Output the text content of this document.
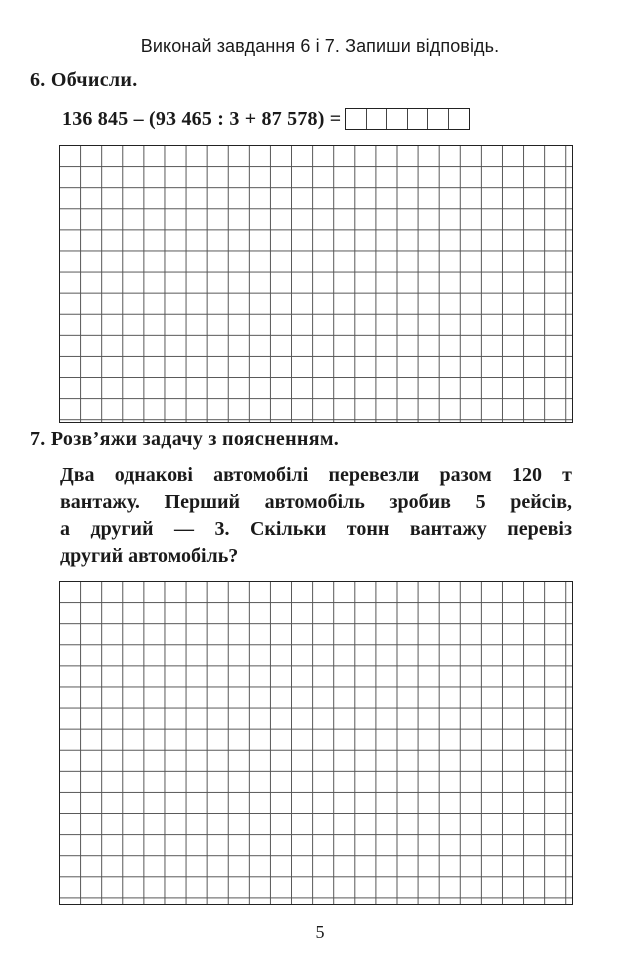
Виконай завдання 6 і 7. Запиши відповідь.
6. Обчисли.
136 845 – (93 465 : 3 + 87 578) =
7. Розв’яжи задачу з поясненням.
Два однакові автомобілі перевезли разом 120 т
вантажу. Перший автомобіль зробив 5 рейсів,
а другий — 3. Скільки тонн вантажу перевіз
другий автомобіль?
5
